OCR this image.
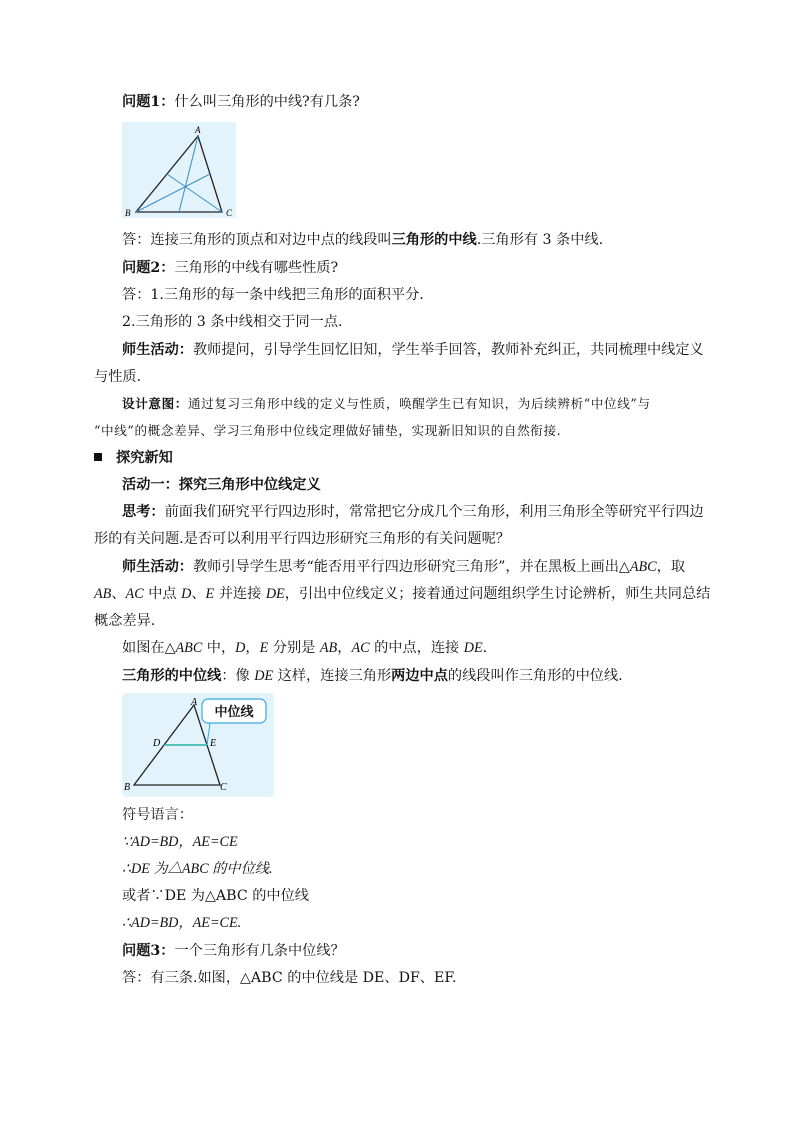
问题1：什么叫三角形的中线?有几条?
A
B	C
答：连接三角形的顶点和对边中点的线段叫三角形的中线.三角形有 3 条中线.
问题2：三角形的中线有哪些性质?
答：1.三角形的每一条中线把三角形的面积平分.
2.三角形的 3 条中线相交于同一点.
师生活动：教师提问，引导学生回忆旧知，学生举手回答，教师补充纠正，共同梳理中线定义
与性质.
设计意图：通过复习三角形中线的定义与性质，唤醒学生已有知识，为后续辨析“中位线”与
“中线”的概念差异、学习三角形中位线定理做好铺垫，实现新旧知识的自然衔接.
探究新知
活动一：探究三角形中位线定义
思考：前面我们研究平行四边形时，常常把它分成几个三角形，利用三角形全等研究平行四边
形的有关问题.是否可以利用平行四边形研究三角形的有关问题呢？
师生活动：教师引导学生思考“能否用平行四边形研究三角形”，并在黑板上画出△ABC，取
AB、AC 中点 D、E 并连接 DE，引出中位线定义；接着通过问题组织学生讨论辨析，师生共同总结
概念差异.
如图在△ABC 中，D，E 分别是 AB，AC 的中点，连接 DE.
三角形的中位线：像 DE 这样，连接三角形两边中点的线段叫作三角形的中位线.
中位线
A
B	C
D	E
符号语言：
∵AD=BD，AE=CE
∴DE 为△ABC 的中位线.
或者∵DE 为△ABC 的中位线
∴AD=BD，AE=CE.
问题3：一个三角形有几条中位线？
答：有三条.如图，△ABC 的中位线是 DE、DF、EF.
